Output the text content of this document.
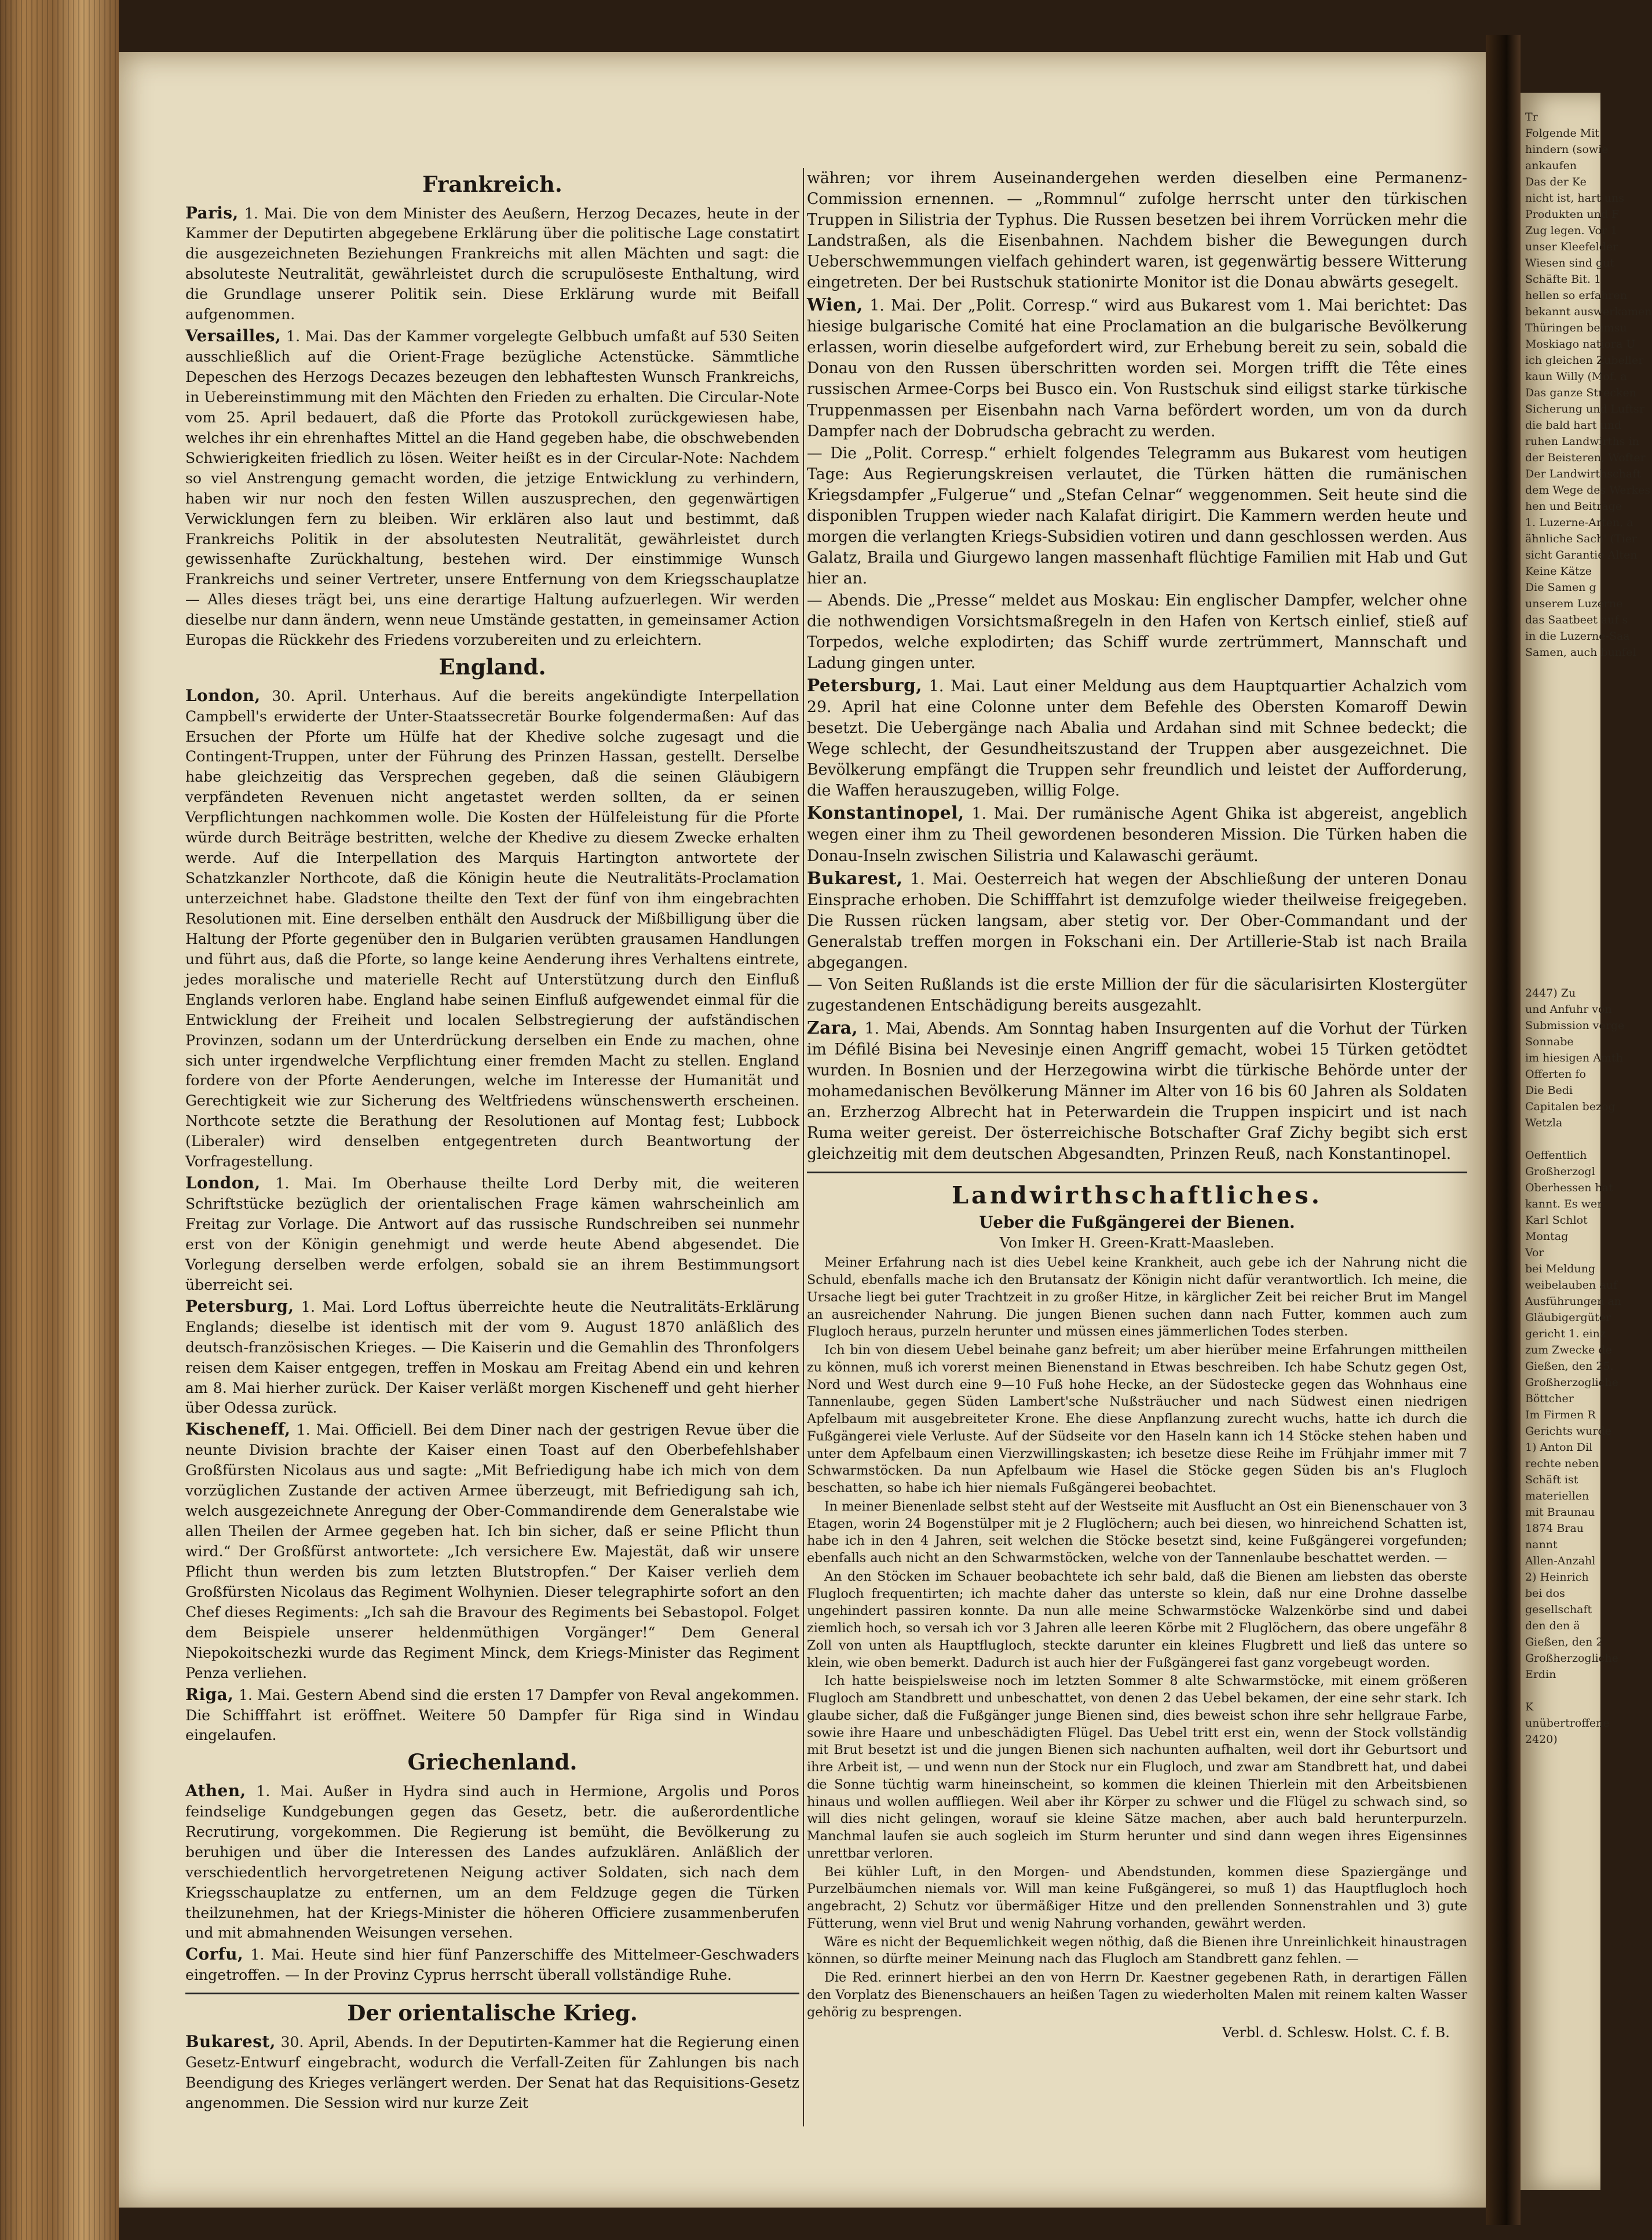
Tr
Folgende Mit
hindern (sowie
ankaufen
Das der Ke
nicht ist, hart uns
Produkten und F
Zug legen. Vor 1
unser Kleefelder
Wiesen sind gut
Schäfte Bit. 1
hellen so erfahren
bekannt auswerkamen
Thüringen beimsu
Moskiago natiora U
ich gleichen Zubeller
kaun Willy (Mof. a
Das ganze Strecken
Sicherung und Luftsr
die bald hart und
ruhen Landwirths in
der Beisteren, Wofter
Der Landwirthschaft
dem Wege des Werkes
hen und Beiträge
1. Luzerne-Arten, a
ähnliche Sach' (Tier
sicht Garantie Alten
Keine Kätze
Die Samen g
unserem Luzerne
das Saatbeet auf s
in die Luzerne-Saa
Samen, auch bunfel
2447) Zu
und Anfuhr von
Submission verge
Sonnabe
im hiesigen Amth
Offerten fo
Die Bedi
Capitalen bezog
Wetzla
Oeffentlich
Großherzogl
Oberhessen hat
kannt. Es wer
Karl Schlot
Montag
Vor
bei Meldung
weibelauben auf
Ausführungen an
Gläubigergüter
gericht 1. einz
zum Zwecke de
Gießen, den 25.
Großherzogliche
Böttcher
Im Firmen R
Gerichts wurde
1) Anton Dil
rechte neben
Schäft ist
materiellen
mit Braunau
1874 Brau
nannt
Allen-Anzahl
2) Heinrich
bei dos
gesellschaft
den den ä
Gießen, den 2
Großherzogliche
Erdin
K
unübertroffene
2420)
Frankreich.

Paris, 1. Mai. Die von dem Minister des Aeußern, Herzog Decazes, heute in der Kammer der Deputirten abgegebene Erklärung über die politische Lage constatirt die ausgezeichneten Beziehungen Frankreichs mit allen Mächten und sagt: die absoluteste Neutralität, gewährleistet durch die scrupulöseste Enthaltung, wird die Grundlage unserer Politik sein. Diese Erklärung wurde mit Beifall aufgenommen.

Versailles, 1. Mai. Das der Kammer vorgelegte Gelbbuch umfaßt auf 530 Seiten ausschließlich auf die Orient-Frage bezügliche Actenstücke. Sämmtliche Depeschen des Herzogs Decazes bezeugen den lebhaftesten Wunsch Frankreichs, in Uebereinstimmung mit den Mächten den Frieden zu erhalten. Die Circular-Note vom 25. April bedauert, daß die Pforte das Protokoll zurückgewiesen habe, welches ihr ein ehrenhaftes Mittel an die Hand gegeben habe, die obschwebenden Schwierigkeiten friedlich zu lösen. Weiter heißt es in der Circular-Note: Nachdem so viel Anstrengung gemacht worden, die jetzige Entwicklung zu verhindern, haben wir nur noch den festen Willen auszusprechen, den gegenwärtigen Verwicklungen fern zu bleiben. Wir erklären also laut und bestimmt, daß Frankreichs Politik in der absolutesten Neutralität, gewährleistet durch gewissenhafte Zurückhaltung, bestehen wird. Der einstimmige Wunsch Frankreichs und seiner Vertreter, unsere Entfernung von dem Kriegsschauplatze — Alles dieses trägt bei, uns eine derartige Haltung aufzuerlegen. Wir werden dieselbe nur dann ändern, wenn neue Umstände gestatten, in gemeinsamer Action Europas die Rückkehr des Friedens vorzubereiten und zu erleichtern.

England.

London, 30. April. Unterhaus. Auf die bereits angekündigte Interpellation Campbell's erwiderte der Unter-Staatssecretär Bourke folgendermaßen: Auf das Ersuchen der Pforte um Hülfe hat der Khedive solche zugesagt und die Contingent-Truppen, unter der Führung des Prinzen Hassan, gestellt. Derselbe habe gleichzeitig das Versprechen gegeben, daß die seinen Gläubigern verpfändeten Revenuen nicht angetastet werden sollten, da er seinen Verpflichtungen nachkommen wolle. Die Kosten der Hülfeleistung für die Pforte würde durch Beiträge bestritten, welche der Khedive zu diesem Zwecke erhalten werde. Auf die Interpellation des Marquis Hartington antwortete der Schatzkanzler Northcote, daß die Königin heute die Neutralitäts-Proclamation unterzeichnet habe. Gladstone theilte den Text der fünf von ihm eingebrachten Resolutionen mit. Eine derselben enthält den Ausdruck der Mißbilligung über die Haltung der Pforte gegenüber den in Bulgarien verübten grausamen Handlungen und führt aus, daß die Pforte, so lange keine Aenderung ihres Verhaltens eintrete, jedes moralische und materielle Recht auf Unterstützung durch den Einfluß Englands verloren habe. England habe seinen Einfluß aufgewendet einmal für die Entwicklung der Freiheit und localen Selbstregierung der aufständischen Provinzen, sodann um der Unterdrückung derselben ein Ende zu machen, ohne sich unter irgendwelche Verpflichtung einer fremden Macht zu stellen. England fordere von der Pforte Aenderungen, welche im Interesse der Humanität und Gerechtigkeit wie zur Sicherung des Weltfriedens wünschenswerth erscheinen. Northcote setzte die Berathung der Resolutionen auf Montag fest; Lubbock (Liberaler) wird denselben entgegentreten durch Beantwortung der Vorfragestellung.

London, 1. Mai. Im Oberhause theilte Lord Derby mit, die weiteren Schriftstücke bezüglich der orientalischen Frage kämen wahrscheinlich am Freitag zur Vorlage. Die Antwort auf das russische Rundschreiben sei nunmehr erst von der Königin genehmigt und werde heute Abend abgesendet. Die Vorlegung derselben werde erfolgen, sobald sie an ihrem Bestimmungsort überreicht sei.

Petersburg, 1. Mai. Lord Loftus überreichte heute die Neutralitäts-Erklärung Englands; dieselbe ist identisch mit der vom 9. August 1870 anläßlich des deutsch-französischen Krieges. — Die Kaiserin und die Gemahlin des Thronfolgers reisen dem Kaiser entgegen, treffen in Moskau am Freitag Abend ein und kehren am 8. Mai hierher zurück. Der Kaiser verläßt morgen Kischeneff und geht hierher über Odessa zurück.

Kischeneff, 1. Mai. Officiell. Bei dem Diner nach der gestrigen Revue über die neunte Division brachte der Kaiser einen Toast auf den Oberbefehlshaber Großfürsten Nicolaus aus und sagte: „Mit Befriedigung habe ich mich von dem vorzüglichen Zustande der activen Armee überzeugt, mit Befriedigung sah ich, welch ausgezeichnete Anregung der Ober-Commandirende dem Generalstabe wie allen Theilen der Armee gegeben hat. Ich bin sicher, daß er seine Pflicht thun wird.“ Der Großfürst antwortete: „Ich versichere Ew. Majestät, daß wir unsere Pflicht thun werden bis zum letzten Blutstropfen.“ Der Kaiser verlieh dem Großfürsten Nicolaus das Regiment Wolhynien. Dieser telegraphirte sofort an den Chef dieses Regiments: „Ich sah die Bravour des Regiments bei Sebastopol. Folget dem Beispiele unserer heldenmüthigen Vorgänger!“ Dem General Niepokoitschezki wurde das Regiment Minck, dem Kriegs-Minister das Regiment Penza verliehen.

Riga, 1. Mai. Gestern Abend sind die ersten 17 Dampfer von Reval angekommen. Die Schifffahrt ist eröffnet. Weitere 50 Dampfer für Riga sind in Windau eingelaufen.

Griechenland.

Athen, 1. Mai. Außer in Hydra sind auch in Hermione, Argolis und Poros feindselige Kundgebungen gegen das Gesetz, betr. die außerordentliche Recrutirung, vorgekommen. Die Regierung ist bemüht, die Bevölkerung zu beruhigen und über die Interessen des Landes aufzuklären. Anläßlich der verschiedentlich hervorgetretenen Neigung activer Soldaten, sich nach dem Kriegsschauplatze zu entfernen, um an dem Feldzuge gegen die Türken theilzunehmen, hat der Kriegs-Minister die höheren Officiere zusammenberufen und mit abmahnenden Weisungen versehen.

Corfu, 1. Mai. Heute sind hier fünf Panzerschiffe des Mittelmeer-Geschwaders eingetroffen. — In der Provinz Cyprus herrscht überall vollständige Ruhe.

Der orientalische Krieg.

Bukarest, 30. April, Abends. In der Deputirten-Kammer hat die Regierung einen Gesetz-Entwurf eingebracht, wodurch die Verfall-Zeiten für Zahlungen bis nach Beendigung des Krieges verlängert werden. Der Senat hat das Requisitions-Gesetz angenommen. Die Session wird nur kurze Zeit

währen; vor ihrem Auseinandergehen werden dieselben eine Permanenz-Commission ernennen. — „Rommnul“ zufolge herrscht unter den türkischen Truppen in Silistria der Typhus. Die Russen besetzen bei ihrem Vorrücken mehr die Landstraßen, als die Eisenbahnen. Nachdem bisher die Bewegungen durch Ueberschwemmungen vielfach gehindert waren, ist gegenwärtig bessere Witterung eingetreten. Der bei Rustschuk stationirte Monitor ist die Donau abwärts gesegelt.

Wien, 1. Mai. Der „Polit. Corresp.“ wird aus Bukarest vom 1. Mai berichtet: Das hiesige bulgarische Comité hat eine Proclamation an die bulgarische Bevölkerung erlassen, worin dieselbe aufgefordert wird, zur Erhebung bereit zu sein, sobald die Donau von den Russen überschritten worden sei. Morgen trifft die Tête eines russischen Armee-Corps bei Busco ein. Von Rustschuk sind eiligst starke türkische Truppenmassen per Eisenbahn nach Varna befördert worden, um von da durch Dampfer nach der Dobrudscha gebracht zu werden.

— Die „Polit. Corresp.“ erhielt folgendes Telegramm aus Bukarest vom heutigen Tage: Aus Regierungskreisen verlautet, die Türken hätten die rumänischen Kriegsdampfer „Fulgerue“ und „Stefan Celnar“ weggenommen. Seit heute sind die disponiblen Truppen wieder nach Kalafat dirigirt. Die Kammern werden heute und morgen die verlangten Kriegs-Subsidien votiren und dann geschlossen werden. Aus Galatz, Braila und Giurgewo langen massenhaft flüchtige Familien mit Hab und Gut hier an.

— Abends. Die „Presse“ meldet aus Moskau: Ein englischer Dampfer, welcher ohne die nothwendigen Vorsichtsmaßregeln in den Hafen von Kertsch einlief, stieß auf Torpedos, welche explodirten; das Schiff wurde zertrümmert, Mannschaft und Ladung gingen unter.

Petersburg, 1. Mai. Laut einer Meldung aus dem Hauptquartier Achalzich vom 29. April hat eine Colonne unter dem Befehle des Obersten Komaroff Dewin besetzt. Die Uebergänge nach Abalia und Ardahan sind mit Schnee bedeckt; die Wege schlecht, der Gesundheitszustand der Truppen aber ausgezeichnet. Die Bevölkerung empfängt die Truppen sehr freundlich und leistet der Aufforderung, die Waffen herauszugeben, willig Folge.

Konstantinopel, 1. Mai. Der rumänische Agent Ghika ist abgereist, angeblich wegen einer ihm zu Theil gewordenen besonderen Mission. Die Türken haben die Donau-Inseln zwischen Silistria und Kalawaschi geräumt.

Bukarest, 1. Mai. Oesterreich hat wegen der Abschließung der unteren Donau Einsprache erhoben. Die Schifffahrt ist demzufolge wieder theilweise freigegeben. Die Russen rücken langsam, aber stetig vor. Der Ober-Commandant und der Generalstab treffen morgen in Fokschani ein. Der Artillerie-Stab ist nach Braila abgegangen.

— Von Seiten Rußlands ist die erste Million der für die säcularisirten Klostergüter zugestandenen Entschädigung bereits ausgezahlt.

Zara, 1. Mai, Abends. Am Sonntag haben Insurgenten auf die Vorhut der Türken im Défilé Bisina bei Nevesinje einen Angriff gemacht, wobei 15 Türken getödtet wurden. In Bosnien und der Herzegowina wirbt die türkische Behörde unter der mohamedanischen Bevölkerung Männer im Alter von 16 bis 60 Jahren als Soldaten an. Erzherzog Albrecht hat in Peterwardein die Truppen inspicirt und ist nach Ruma weiter gereist. Der österreichische Botschafter Graf Zichy begibt sich erst gleichzeitig mit dem deutschen Abgesandten, Prinzen Reuß, nach Konstantinopel.

Landwirthschaftliches.
Ueber die Fußgängerei der Bienen.
Von Imker H. Green-Kratt-Maasleben.

Meiner Erfahrung nach ist dies Uebel keine Krankheit, auch gebe ich der Nahrung nicht die Schuld, ebenfalls mache ich den Brutansatz der Königin nicht dafür verantwortlich. Ich meine, die Ursache liegt bei guter Trachtzeit in zu großer Hitze, in kärglicher Zeit bei reicher Brut im Mangel an ausreichender Nahrung. Die jungen Bienen suchen dann nach Futter, kommen auch zum Flugloch heraus, purzeln herunter und müssen eines jämmerlichen Todes sterben.

Ich bin von diesem Uebel beinahe ganz befreit; um aber hierüber meine Erfahrungen mittheilen zu können, muß ich vorerst meinen Bienenstand in Etwas beschreiben. Ich habe Schutz gegen Ost, Nord und West durch eine 9—10 Fuß hohe Hecke, an der Südostecke gegen das Wohnhaus eine Tannenlaube, gegen Süden Lambert'sche Nußsträucher und nach Südwest einen niedrigen Apfelbaum mit ausgebreiteter Krone. Ehe diese Anpflanzung zurecht wuchs, hatte ich durch die Fußgängerei viele Verluste. Auf der Südseite vor den Haseln kann ich 14 Stöcke stehen haben und unter dem Apfelbaum einen Vierzwillingskasten; ich besetze diese Reihe im Frühjahr immer mit 7 Schwarmstöcken. Da nun Apfelbaum wie Hasel die Stöcke gegen Süden bis an's Flugloch beschatten, so habe ich hier niemals Fußgängerei beobachtet.

In meiner Bienenlade selbst steht auf der Westseite mit Ausflucht an Ost ein Bienenschauer von 3 Etagen, worin 24 Bogenstülper mit je 2 Fluglöchern; auch bei diesen, wo hinreichend Schatten ist, habe ich in den 4 Jahren, seit welchen die Stöcke besetzt sind, keine Fußgängerei vorgefunden; ebenfalls auch nicht an den Schwarmstöcken, welche von der Tannenlaube beschattet werden. —

An den Stöcken im Schauer beobachtete ich sehr bald, daß die Bienen am liebsten das oberste Flugloch frequentirten; ich machte daher das unterste so klein, daß nur eine Drohne dasselbe ungehindert passiren konnte. Da nun alle meine Schwarmstöcke Walzenkörbe sind und dabei ziemlich hoch, so versah ich vor 3 Jahren alle leeren Körbe mit 2 Fluglöchern, das obere ungefähr 8 Zoll von unten als Hauptflugloch, steckte darunter ein kleines Flugbrett und ließ das untere so klein, wie oben bemerkt. Dadurch ist auch hier der Fußgängerei fast ganz vorgebeugt worden.

Ich hatte beispielsweise noch im letzten Sommer 8 alte Schwarmstöcke, mit einem größeren Flugloch am Standbrett und unbeschattet, von denen 2 das Uebel bekamen, der eine sehr stark. Ich glaube sicher, daß die Fußgänger junge Bienen sind, dies beweist schon ihre sehr hellgraue Farbe, sowie ihre Haare und unbeschädigten Flügel. Das Uebel tritt erst ein, wenn der Stock vollständig mit Brut besetzt ist und die jungen Bienen sich nachunten aufhalten, weil dort ihr Geburtsort und ihre Arbeit ist, — und wenn nun der Stock nur ein Flugloch, und zwar am Standbrett hat, und dabei die Sonne tüchtig warm hineinscheint, so kommen die kleinen Thierlein mit den Arbeitsbienen hinaus und wollen auffliegen. Weil aber ihr Körper zu schwer und die Flügel zu schwach sind, so will dies nicht gelingen, worauf sie kleine Sätze machen, aber auch bald herunterpurzeln. Manchmal laufen sie auch sogleich im Sturm herunter und sind dann wegen ihres Eigensinnes unrettbar verloren.

Bei kühler Luft, in den Morgen- und Abendstunden, kommen diese Spaziergänge und Purzelbäumchen niemals vor. Will man keine Fußgängerei, so muß 1) das Hauptflugloch hoch angebracht, 2) Schutz vor übermäßiger Hitze und den prellenden Sonnenstrahlen und 3) gute Fütterung, wenn viel Brut und wenig Nahrung vorhanden, gewährt werden.

Wäre es nicht der Bequemlichkeit wegen nöthig, daß die Bienen ihre Unreinlichkeit hinaustragen können, so dürfte meiner Meinung nach das Flugloch am Standbrett ganz fehlen. —

Die Red. erinnert hierbei an den von Herrn Dr. Kaestner gegebenen Rath, in derartigen Fällen den Vorplatz des Bienenschauers an heißen Tagen zu wiederholten Malen mit reinem kalten Wasser gehörig zu besprengen.

Verbl. d. Schlesw. Holst. C. f. B.
